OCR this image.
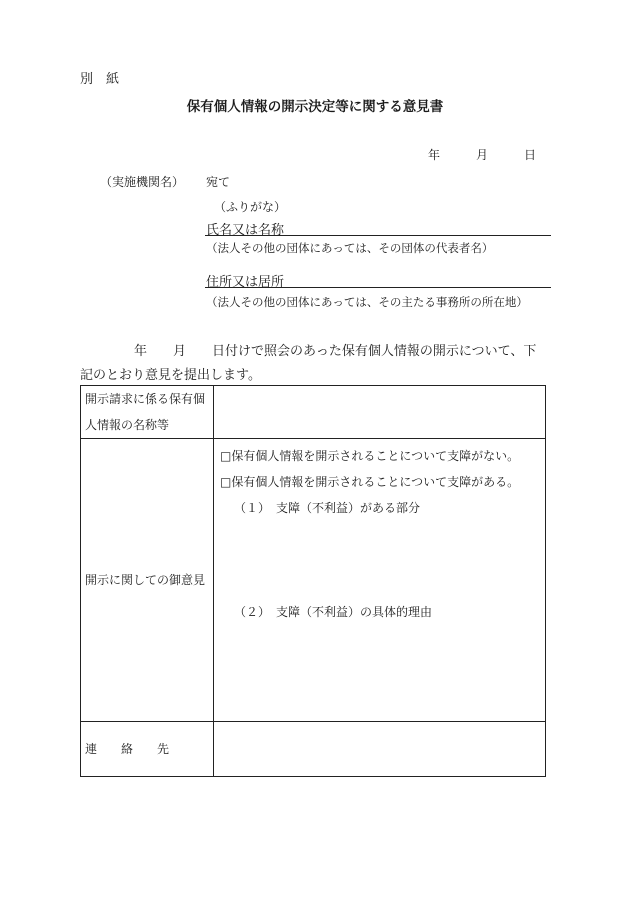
別　紙
保有個人情報の開示決定等に関する意見書
年　　　月　　　日
（実施機関名） 宛て
（ふりがな）
氏名又は名称
（法人その他の団体にあっては、その団体の代表者名）
住所又は居所
（法人その他の団体にあっては、その主たる事務所の所在地）
年　　月　　日付けで照会のあった保有個人情報の開示について、下
記のとおり意見を提出します。
開示請求に係る保有個
人情報の名称等	

開示に関しての御意見	□保有個人情報を開示されることについて支障がない。
□保有個人情報を開示されることについて支障がある。
（１）　支障（不利益）がある部分
（２）　支障（不利益）の具体的理由

連　　絡　　先	
